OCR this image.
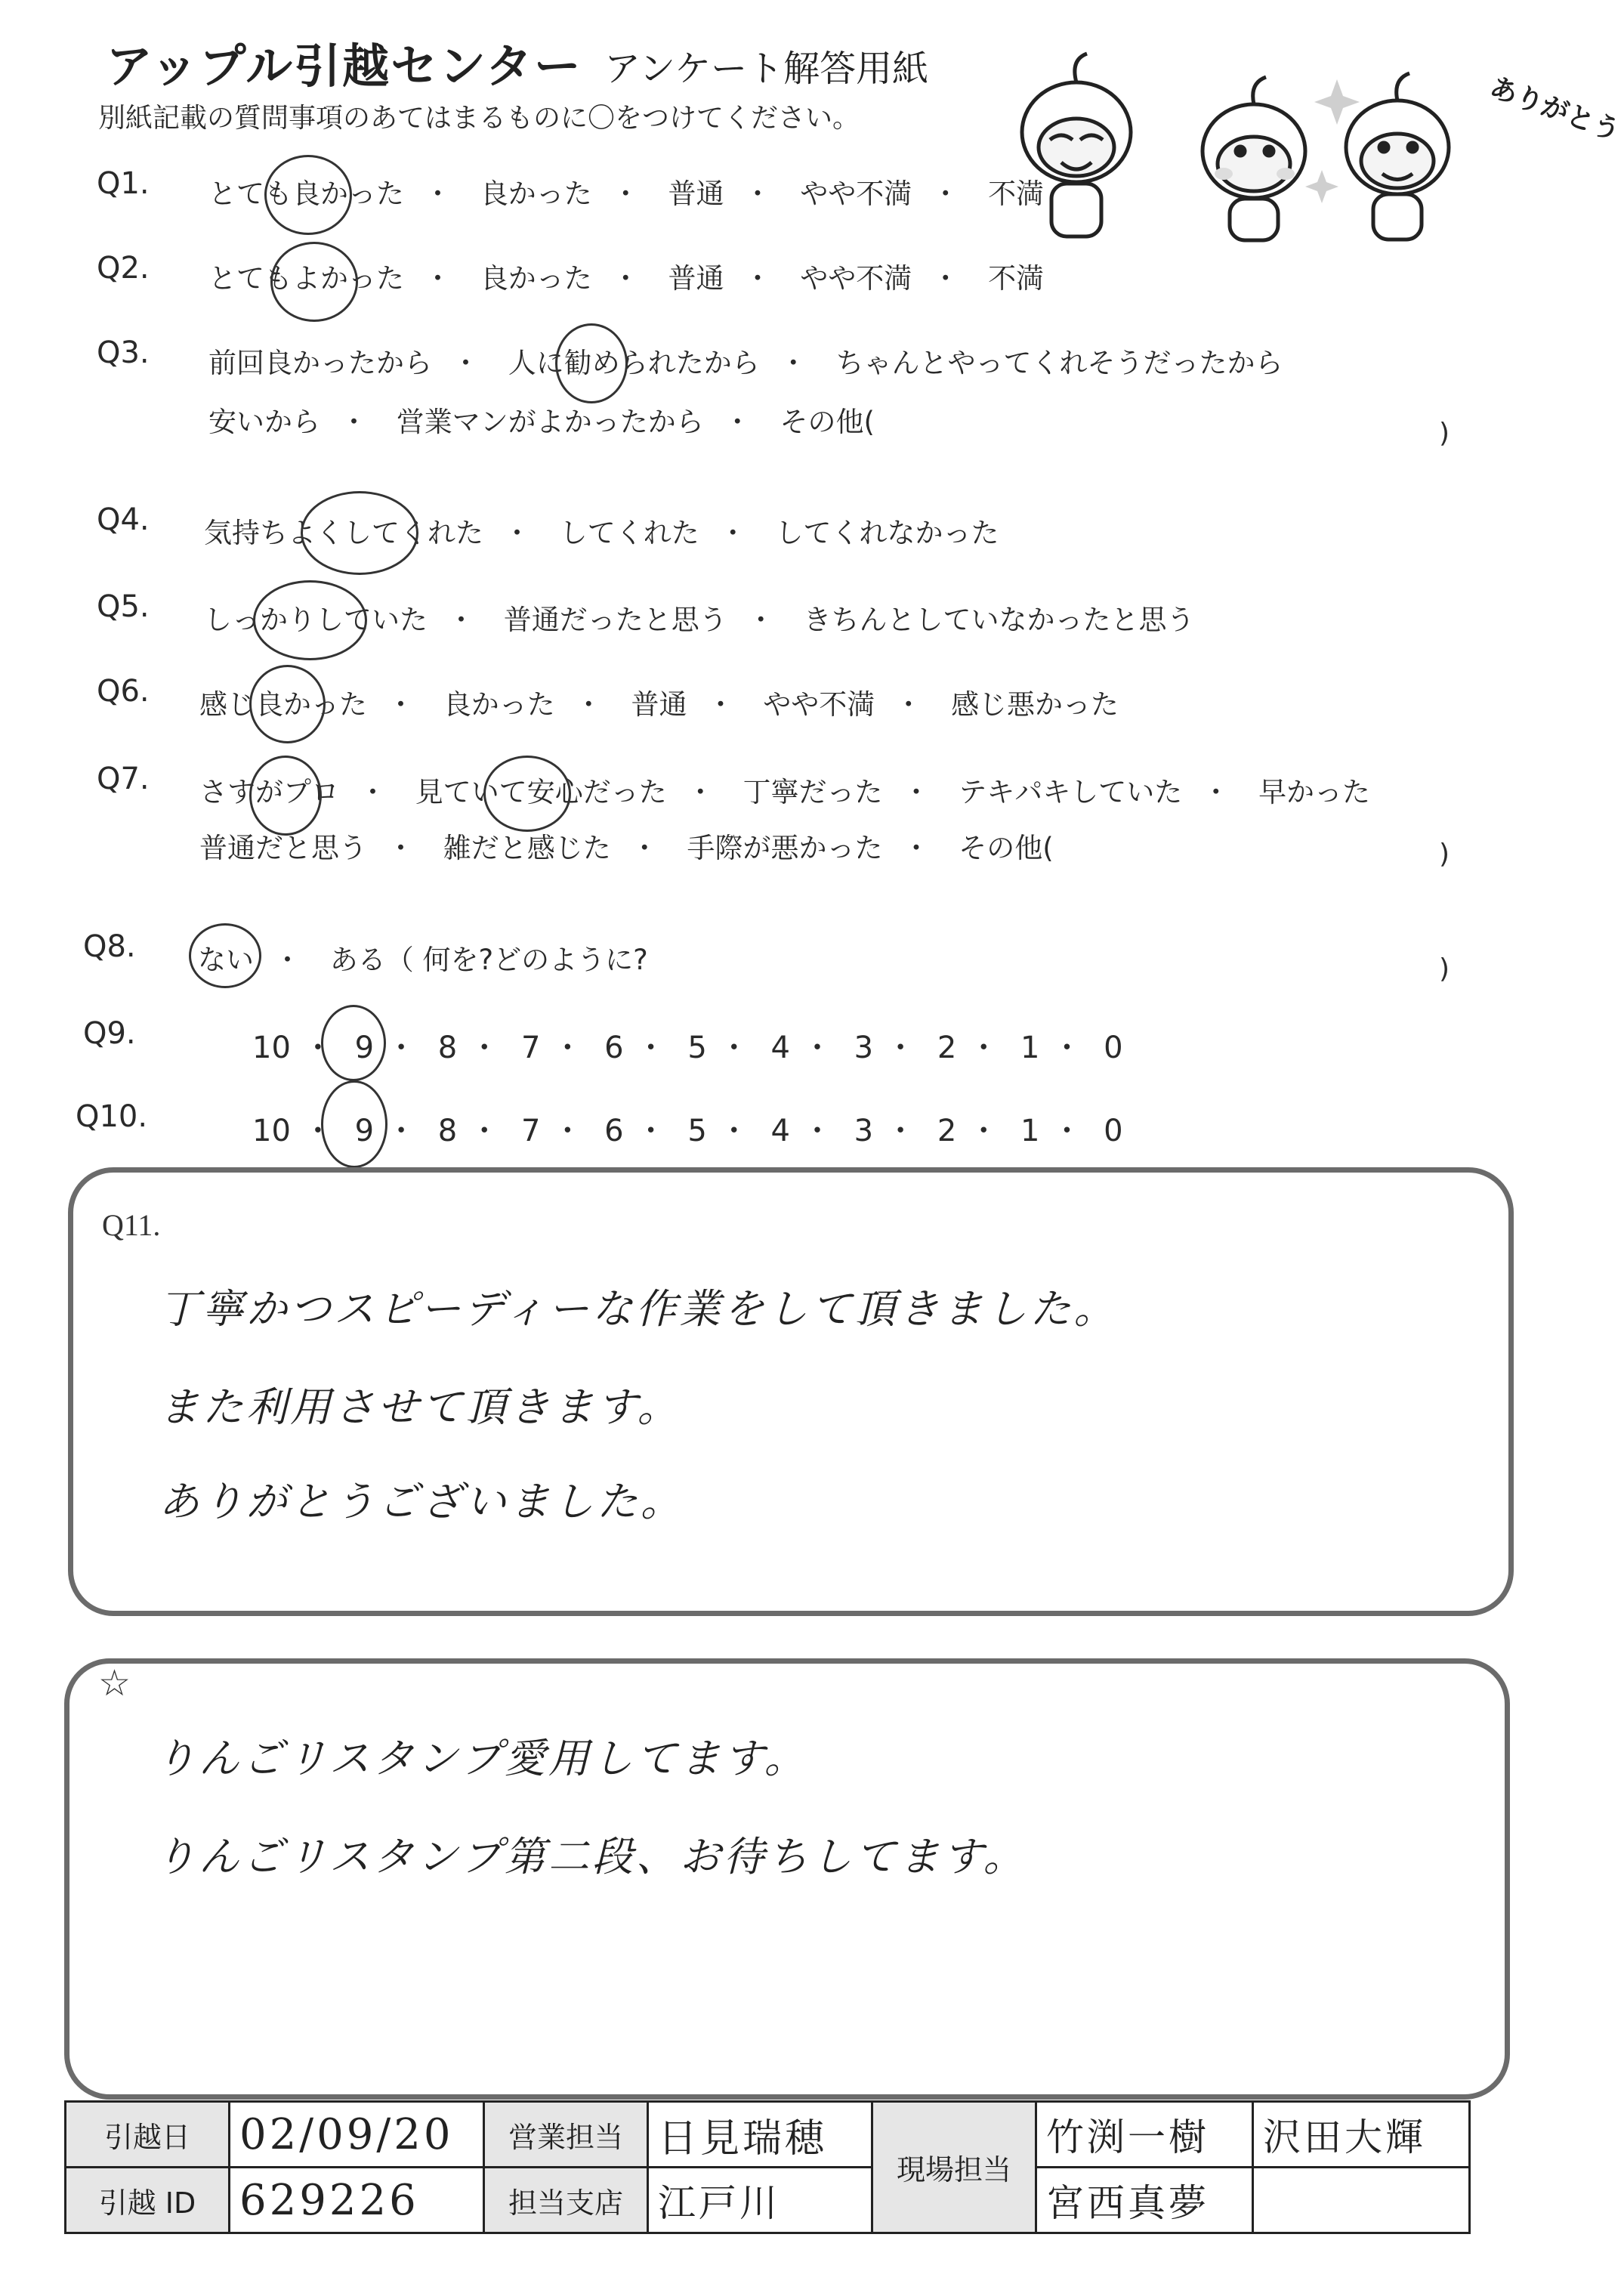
アップル引越センター アンケート解答用紙
別紙記載の質問事項のあてはまるものに〇をつけてください。	ありがとう
Q1. とても良かった ・ 良かった ・ 普通 ・ やや不満 ・ 不満
Q2. とてもよかった ・ 良かった ・ 普通 ・ やや不満 ・ 不満
Q3. 前回良かったから ・ 人に勧められたから ・ ちゃんとやってくれそうだったから
安いから ・ 営業マンがよかったから ・ その他(	)
Q4. 気持ちよくしてくれた ・ してくれた ・ してくれなかった
Q5. しっかりしていた ・ 普通だったと思う ・ きちんとしていなかったと思う
Q6. 感じ良かった ・ 良かった ・ 普通 ・ やや不満 ・ 感じ悪かった
Q7. さすがプロ ・ 見ていて安心だった ・ 丁寧だった ・ テキパキしていた ・ 早かった
普通だと思う ・ 雑だと感じた ・ 手際が悪かった ・ その他(	)
Q8. ない ・ ある（ 何を?どのように?	)
Q9.	10 ・ 9 ・ 8 ・ 7 ・ 6 ・ 5 ・ 4 ・ 3 ・ 2 ・ 1 ・ 0
Q10.	10 ・ 9 ・ 8 ・ 7 ・ 6 ・ 5 ・ 4 ・ 3 ・ 2 ・ 1 ・ 0
Q11.
丁寧かつスピーディーな作業をして頂きました。
また利用させて頂きます。
ありがとうございました。
☆
りんごリスタンプ愛用してます。
りんごリスタンプ第二段、お待ちしてます。
引越日	02/09/20	営業担当	日見瑞穂	現場担当	竹渕一樹	沢田大輝
引越 ID	629226	担当支店	江戸川		宮西真夢	
